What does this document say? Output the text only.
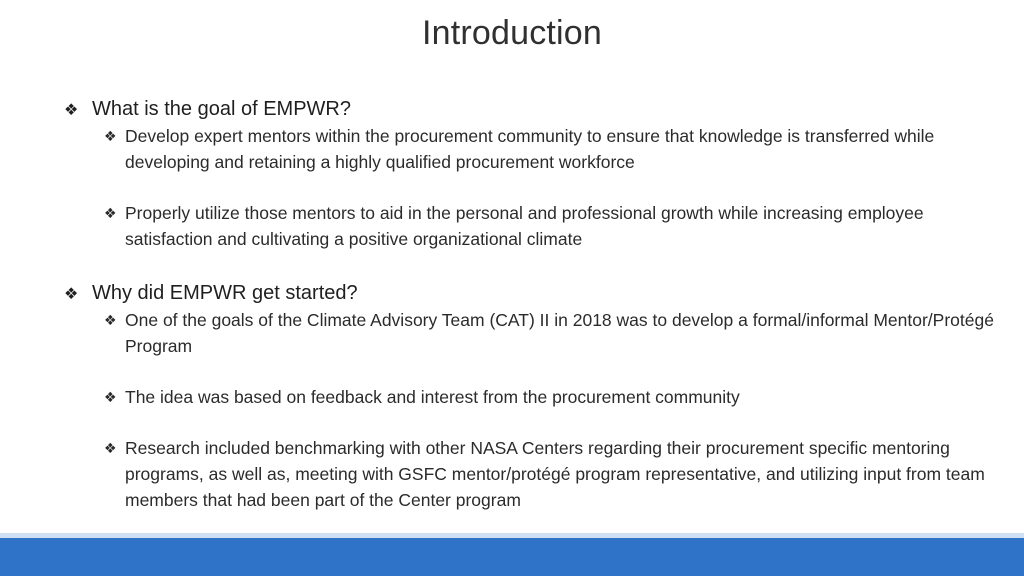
Introduction
❖ What is the goal of EMPWR?
❖ Develop expert mentors within the procurement community to ensure that knowledge is transferred while developing and retaining a highly qualified procurement workforce
❖ Properly utilize those mentors to aid in the personal and professional growth while increasing employee satisfaction and cultivating a positive organizational climate
❖ Why did EMPWR get started?
❖ One of the goals of the Climate Advisory Team (CAT) II in 2018 was to develop a formal/informal Mentor/Protégé Program
❖ The idea was based on feedback and interest from the procurement community
❖ Research included benchmarking with other NASA Centers regarding their procurement specific mentoring programs, as well as, meeting with GSFC mentor/protégé program representative, and utilizing input from team members that had been part of the Center program
